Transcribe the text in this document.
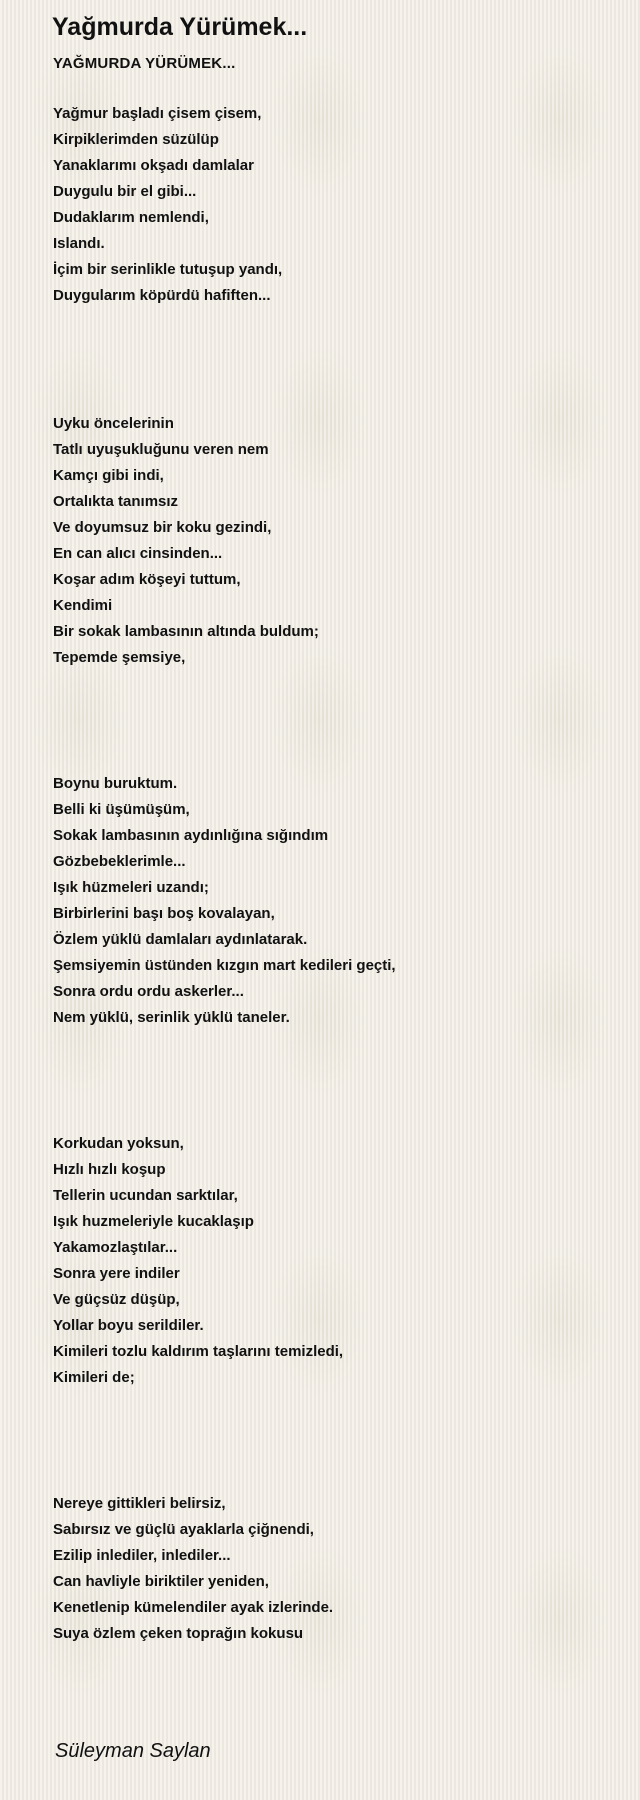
Yağmurda Yürümek...
YAĞMURDA YÜRÜMEK...
Yağmur başladı çisem çisem,
Kirpiklerimden süzülüp
Yanaklarımı okşadı damlalar
Duygulu bir el gibi...
Dudaklarım nemlendi,
Islandı.
İçim bir serinlikle tutuşup yandı,
Duygularım köpürdü hafiften...
Uyku öncelerinin
Tatlı uyuşukluğunu veren nem
Kamçı gibi indi,
Ortalıkta tanımsız
Ve doyumsuz bir koku gezindi,
En can alıcı cinsinden...
Koşar adım köşeyi tuttum,
Kendimi
Bir sokak lambasının altında buldum;
Tepemde şemsiye,
Boynu buruktum.
Belli ki üşümüşüm,
Sokak lambasının aydınlığına sığındım
Gözbebeklerimle...
Işık hüzmeleri uzandı;
Birbirlerini başı boş kovalayan,
Özlem yüklü damlaları aydınlatarak.
Şemsiyemin üstünden kızgın mart kedileri geçti,
Sonra ordu ordu askerler...
Nem yüklü, serinlik yüklü taneler.
Korkudan yoksun,
Hızlı hızlı koşup
Tellerin ucundan sarktılar,
Işık huzmeleriyle kucaklaşıp
Yakamozlaştılar...
Sonra yere indiler
Ve güçsüz düşüp,
Yollar boyu serildiler.
Kimileri tozlu kaldırım taşlarını temizledi,
Kimileri de;
Nereye gittikleri belirsiz,
Sabırsız ve güçlü ayaklarla çiğnendi,
Ezilip inlediler, inlediler...
Can havliyle biriktiler yeniden,
Kenetlenip kümelendiler ayak izlerinde.
Suya özlem çeken toprağın kokusu
Süleyman Saylan
